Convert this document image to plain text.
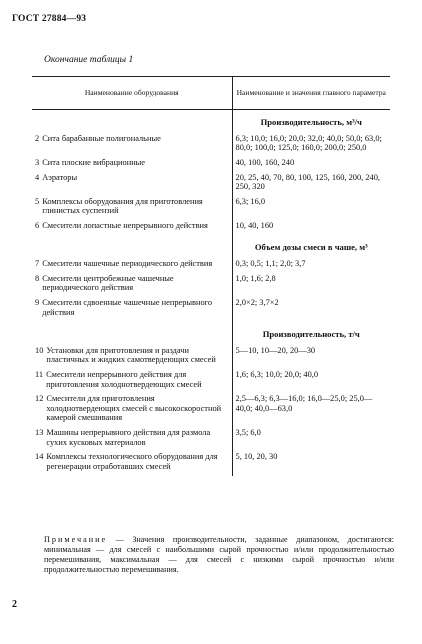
ГОСТ 27884—93
Окончание таблицы 1
Наименование оборудования	Наименование и значения главного параметра
	Производительность, м³/ч

2 Сита барабанные полигональные	6,3; 10,0; 16,0; 20,0; 32,0; 40,0; 50,0; 63,0; 80,0; 100,0; 125,0; 160,0; 200,0; 250,0

3 Сита плоские вибрационные	40, 100, 160, 240

4 Аэраторы	20, 25, 40, 70, 80, 100, 125, 160, 200, 240, 250, 320

5 Комплексы оборудования для приготовления глинистых суспензий	6,3; 16,0

6 Смесители лопастные непрерывного действия	10, 40, 160
	Объем дозы смеси в чаше, м³

7 Смесители чашечные периодического действия	0,3; 0,5; 1,1; 2,0; 3,7

8 Смесители центробежные чашечные периодического действия	1,0; 1,6; 2,8

9 Смесители сдвоенные чашечные непрерывного действия	2,0×2; 3,7×2
	Производительность, т/ч

10 Установки для приготовления и раздачи пластичных и жидких самотвердеющих смесей	5—10, 10—20, 20—30

11 Смесители непрерывного действия для приготовления холоднотвердеющих смесей	1,6; 6,3; 10,0; 20,0; 40,0

12 Смесители для приготовления холоднотвердеющих смесей с высокоскоростной камерой смешивания	2,5—6,3; 6,3—16,0; 16,0—25,0; 25,0—40,0; 40,0—63,0

13 Машины непрерывного действия для размола сухих кусковых материалов	3,5; 6,0

14 Комплексы технологического оборудования для регенерации отработавших смесей	5, 10, 20, 30
Примечание — Значения производительности, заданные диапазоном, достигаются: минимальная — для смесей с наибольшими сырой прочностью и/или продолжительностью перемешивания, максимальная — для смесей с низкими сырой прочностью и/или продолжительностью перемешивания.
2
